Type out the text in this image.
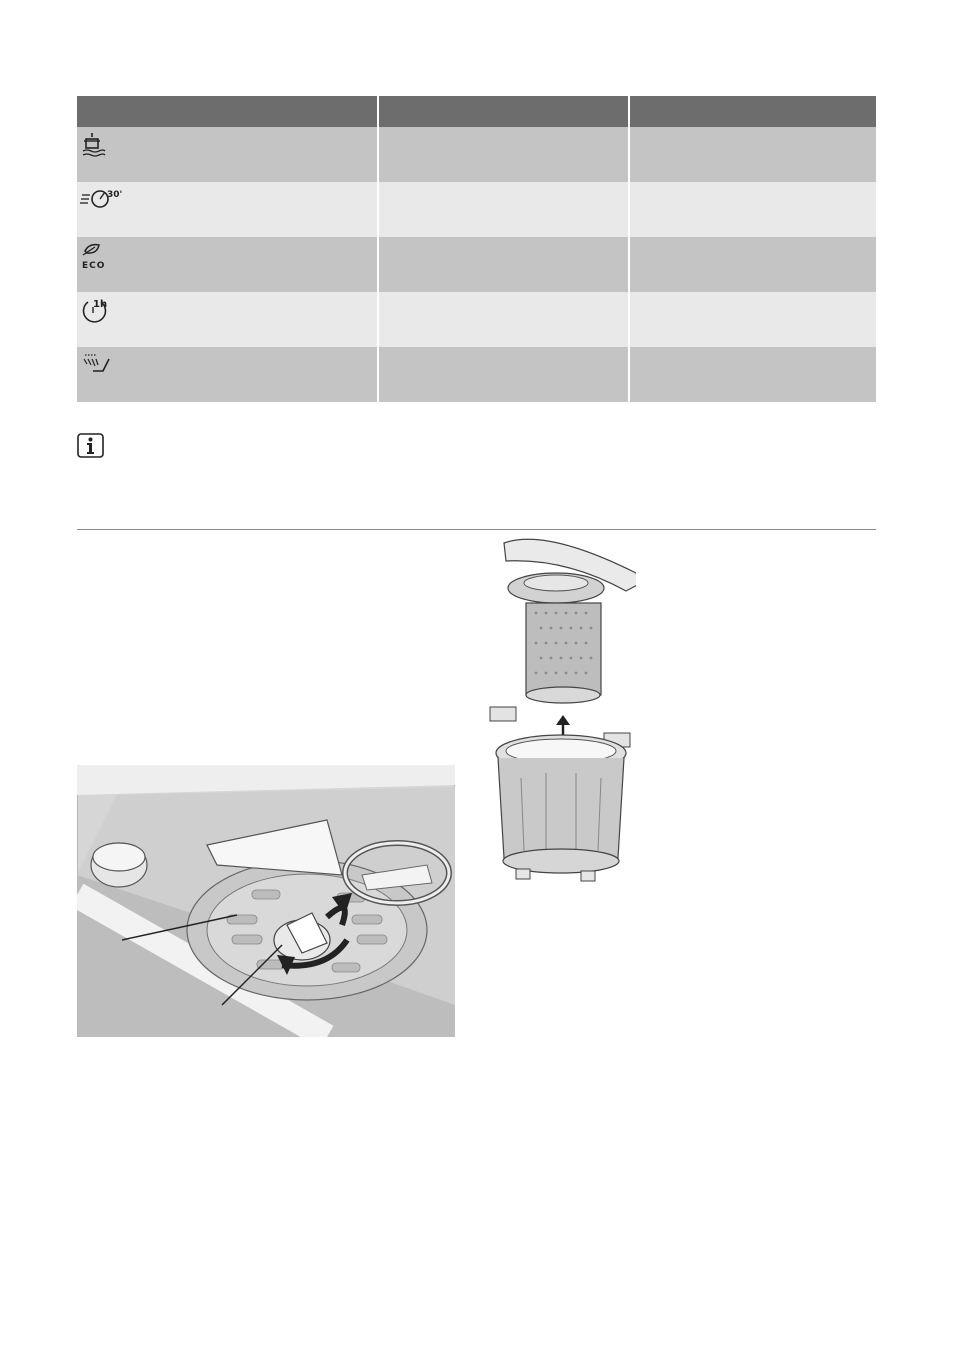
30'		

ECO		

1h		
